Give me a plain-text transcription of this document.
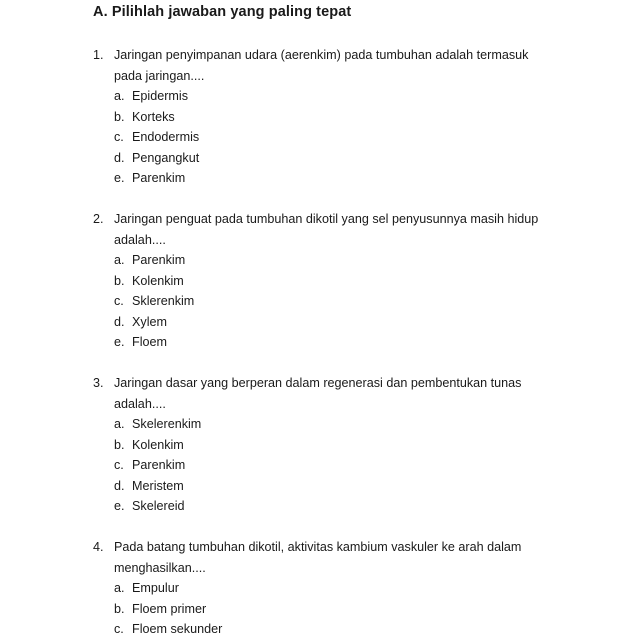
A. Pilihlah jawaban yang paling tepat
1. Jaringan penyimpanan udara (aerenkim) pada tumbuhan adalah termasuk
pada jaringan....
a. Epidermis
b. Korteks
c. Endodermis
d. Pengangkut
e. Parenkim
2. Jaringan penguat pada tumbuhan dikotil yang sel penyusunnya masih hidup
adalah....
a. Parenkim
b. Kolenkim
c. Sklerenkim
d. Xylem
e. Floem
3. Jaringan dasar yang berperan dalam regenerasi dan pembentukan tunas
adalah....
a. Skelerenkim
b. Kolenkim
c. Parenkim
d. Meristem
e. Skelereid
4. Pada batang tumbuhan dikotil, aktivitas kambium vaskuler ke arah dalam
menghasilkan....
a. Empulur
b. Floem primer
c. Floem sekunder
